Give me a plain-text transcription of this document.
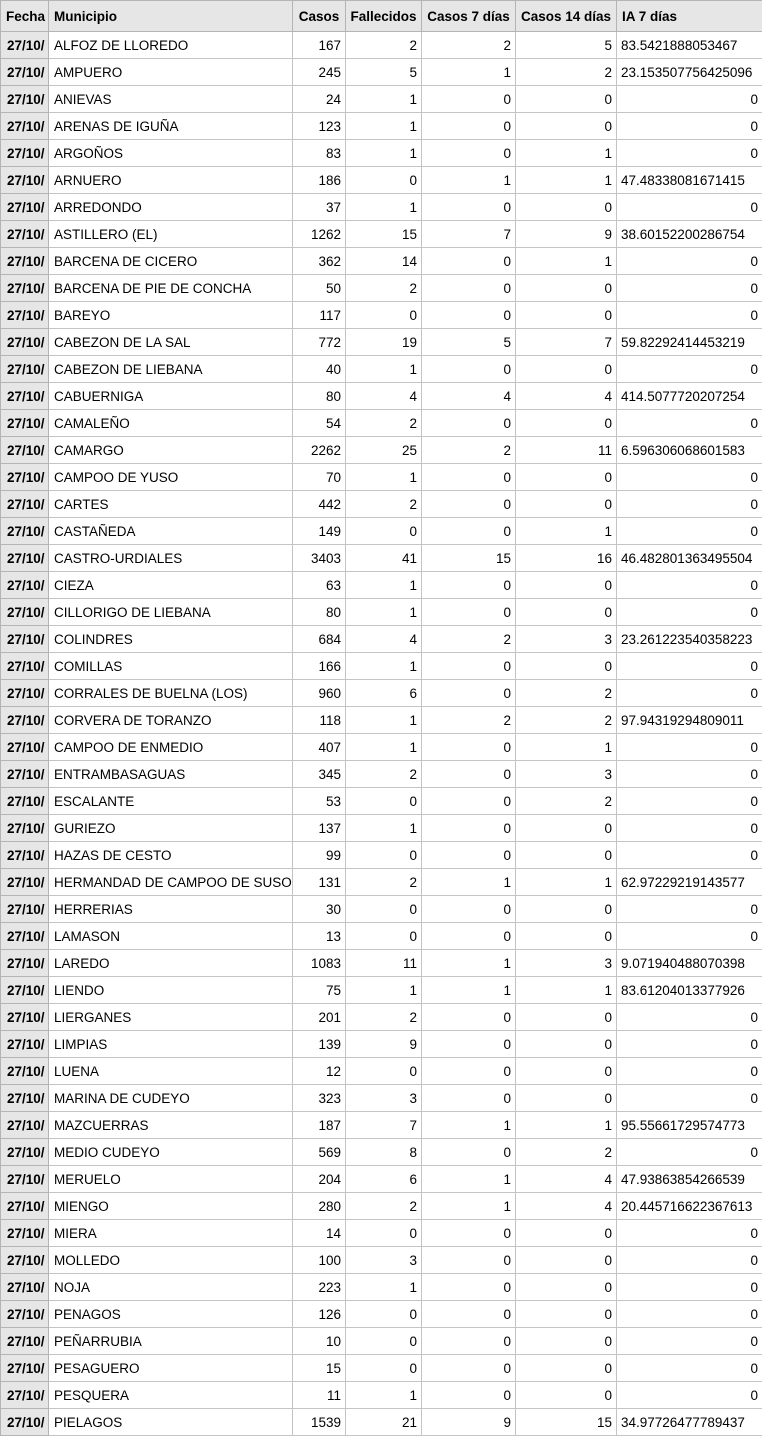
Fecha	Municipio	Casos	Fallecidos	Casos 7 días	Casos 14 días	IA 7 días
27/10/	ALFOZ DE LLOREDO	167	2	2	5	83.5421888053467
27/10/	AMPUERO	245	5	1	2	23.153507756425096
27/10/	ANIEVAS	24	1	0	0	0
27/10/	ARENAS DE IGUÑA	123	1	0	0	0
27/10/	ARGOÑOS	83	1	0	1	0
27/10/	ARNUERO	186	0	1	1	47.48338081671415
27/10/	ARREDONDO	37	1	0	0	0
27/10/	ASTILLERO (EL)	1262	15	7	9	38.60152200286754
27/10/	BARCENA DE CICERO	362	14	0	1	0
27/10/	BARCENA DE PIE DE CONCHA	50	2	0	0	0
27/10/	BAREYO	117	0	0	0	0
27/10/	CABEZON DE LA SAL	772	19	5	7	59.82292414453219
27/10/	CABEZON DE LIEBANA	40	1	0	0	0
27/10/	CABUERNIGA	80	4	4	4	414.5077720207254
27/10/	CAMALEÑO	54	2	0	0	0
27/10/	CAMARGO	2262	25	2	11	6.596306068601583
27/10/	CAMPOO DE YUSO	70	1	0	0	0
27/10/	CARTES	442	2	0	0	0
27/10/	CASTAÑEDA	149	0	0	1	0
27/10/	CASTRO-URDIALES	3403	41	15	16	46.482801363495504
27/10/	CIEZA	63	1	0	0	0
27/10/	CILLORIGO DE LIEBANA	80	1	0	0	0
27/10/	COLINDRES	684	4	2	3	23.261223540358223
27/10/	COMILLAS	166	1	0	0	0
27/10/	CORRALES DE BUELNA (LOS)	960	6	0	2	0
27/10/	CORVERA DE TORANZO	118	1	2	2	97.94319294809011
27/10/	CAMPOO DE ENMEDIO	407	1	0	1	0
27/10/	ENTRAMBASAGUAS	345	2	0	3	0
27/10/	ESCALANTE	53	0	0	2	0
27/10/	GURIEZO	137	1	0	0	0
27/10/	HAZAS DE CESTO	99	0	0	0	0
27/10/	HERMANDAD DE CAMPOO DE SUSO	131	2	1	1	62.97229219143577
27/10/	HERRERIAS	30	0	0	0	0
27/10/	LAMASON	13	0	0	0	0
27/10/	LAREDO	1083	11	1	3	9.071940488070398
27/10/	LIENDO	75	1	1	1	83.61204013377926
27/10/	LIERGANES	201	2	0	0	0
27/10/	LIMPIAS	139	9	0	0	0
27/10/	LUENA	12	0	0	0	0
27/10/	MARINA DE CUDEYO	323	3	0	0	0
27/10/	MAZCUERRAS	187	7	1	1	95.55661729574773
27/10/	MEDIO CUDEYO	569	8	0	2	0
27/10/	MERUELO	204	6	1	4	47.93863854266539
27/10/	MIENGO	280	2	1	4	20.445716622367613
27/10/	MIERA	14	0	0	0	0
27/10/	MOLLEDO	100	3	0	0	0
27/10/	NOJA	223	1	0	0	0
27/10/	PENAGOS	126	0	0	0	0
27/10/	PEÑARRUBIA	10	0	0	0	0
27/10/	PESAGUERO	15	0	0	0	0
27/10/	PESQUERA	11	1	0	0	0
27/10/	PIELAGOS	1539	21	9	15	34.97726477789437
